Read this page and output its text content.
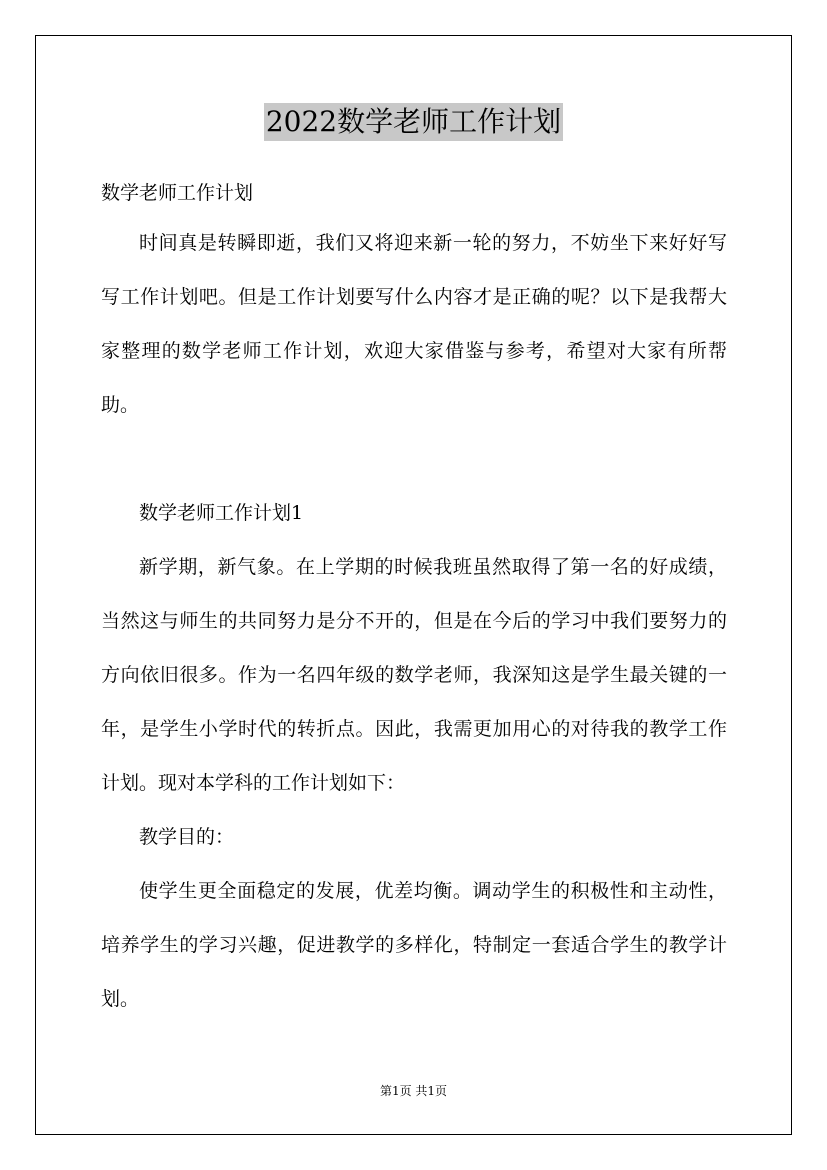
2022数学老师工作计划

数学老师工作计划

时间真是转瞬即逝，我们又将迎来新一轮的努力，不妨坐下来好好写写工作计划吧。但是工作计划要写什么内容才是正确的呢？以下是我帮大家整理的数学老师工作计划，欢迎大家借鉴与参考，希望对大家有所帮助。

数学老师工作计划1

新学期，新气象。在上学期的时候我班虽然取得了第一名的好成绩，当然这与师生的共同努力是分不开的，但是在今后的学习中我们要努力的方向依旧很多。作为一名四年级的数学老师，我深知这是学生最关键的一年，是学生小学时代的转折点。因此，我需更加用心的对待我的教学工作计划。现对本学科的工作计划如下：

教学目的：

使学生更全面稳定的发展，优差均衡。调动学生的积极性和主动性，培养学生的学习兴趣，促进教学的多样化，特制定一套适合学生的教学计划。

第1页 共1页
